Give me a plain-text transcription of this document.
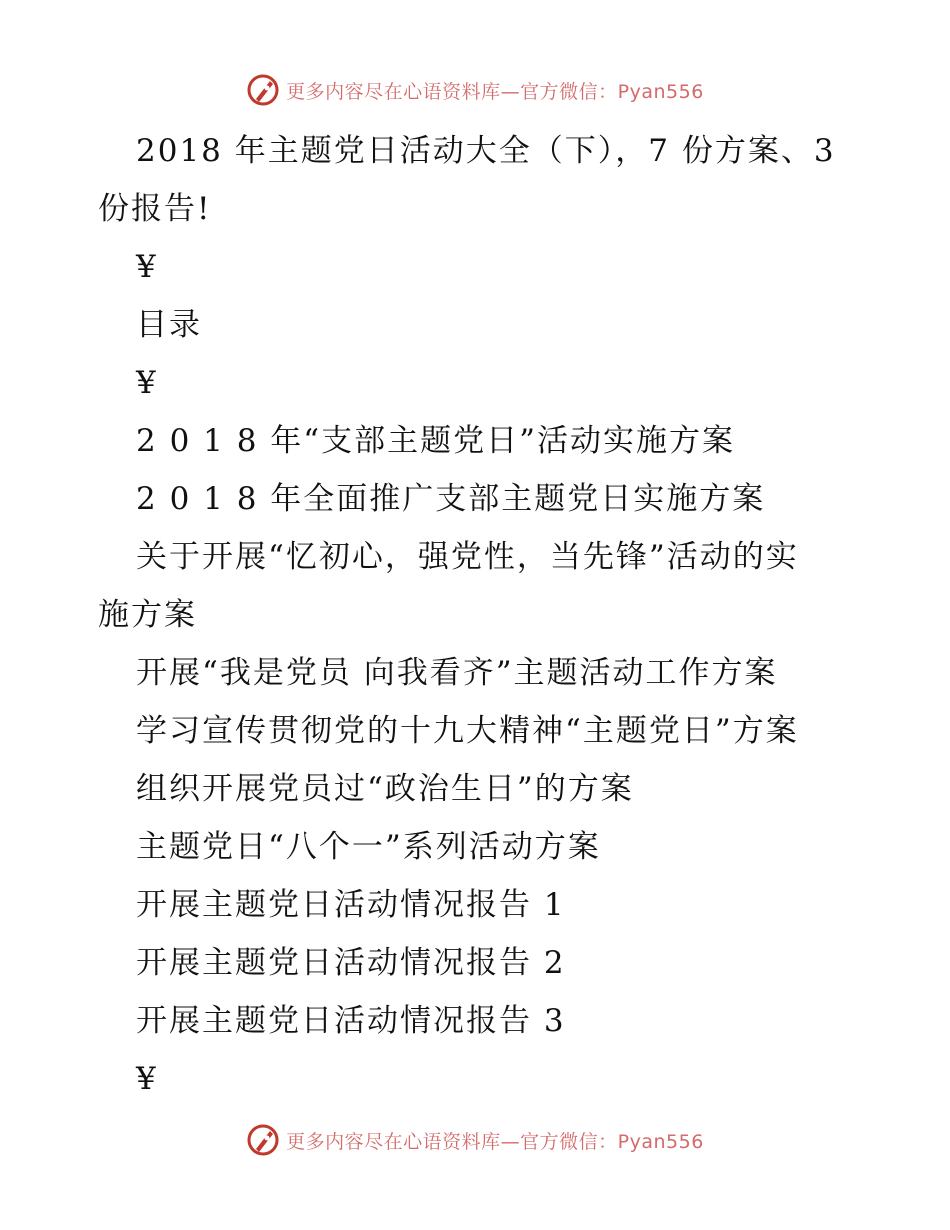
更多内容尽在心语资料库—官方微信：Pyan556
2018 年主题党日活动大全（下），7 份方案、3
份报告!
¥
目录
¥
2 0 1 8 年“支部主题党日”活动实施方案
2 0 1 8 年全面推广支部主题党日实施方案
关于开展“忆初心，强党性，当先锋”活动的实
施方案
开展“我是党员 向我看齐”主题活动工作方案
学习宣传贯彻党的十九大精神“主题党日”方案
组织开展党员过“政治生日”的方案
主题党日“八个一”系列活动方案
开展主题党日活动情况报告 1
开展主题党日活动情况报告 2
开展主题党日活动情况报告 3
¥
更多内容尽在心语资料库—官方微信：Pyan556
